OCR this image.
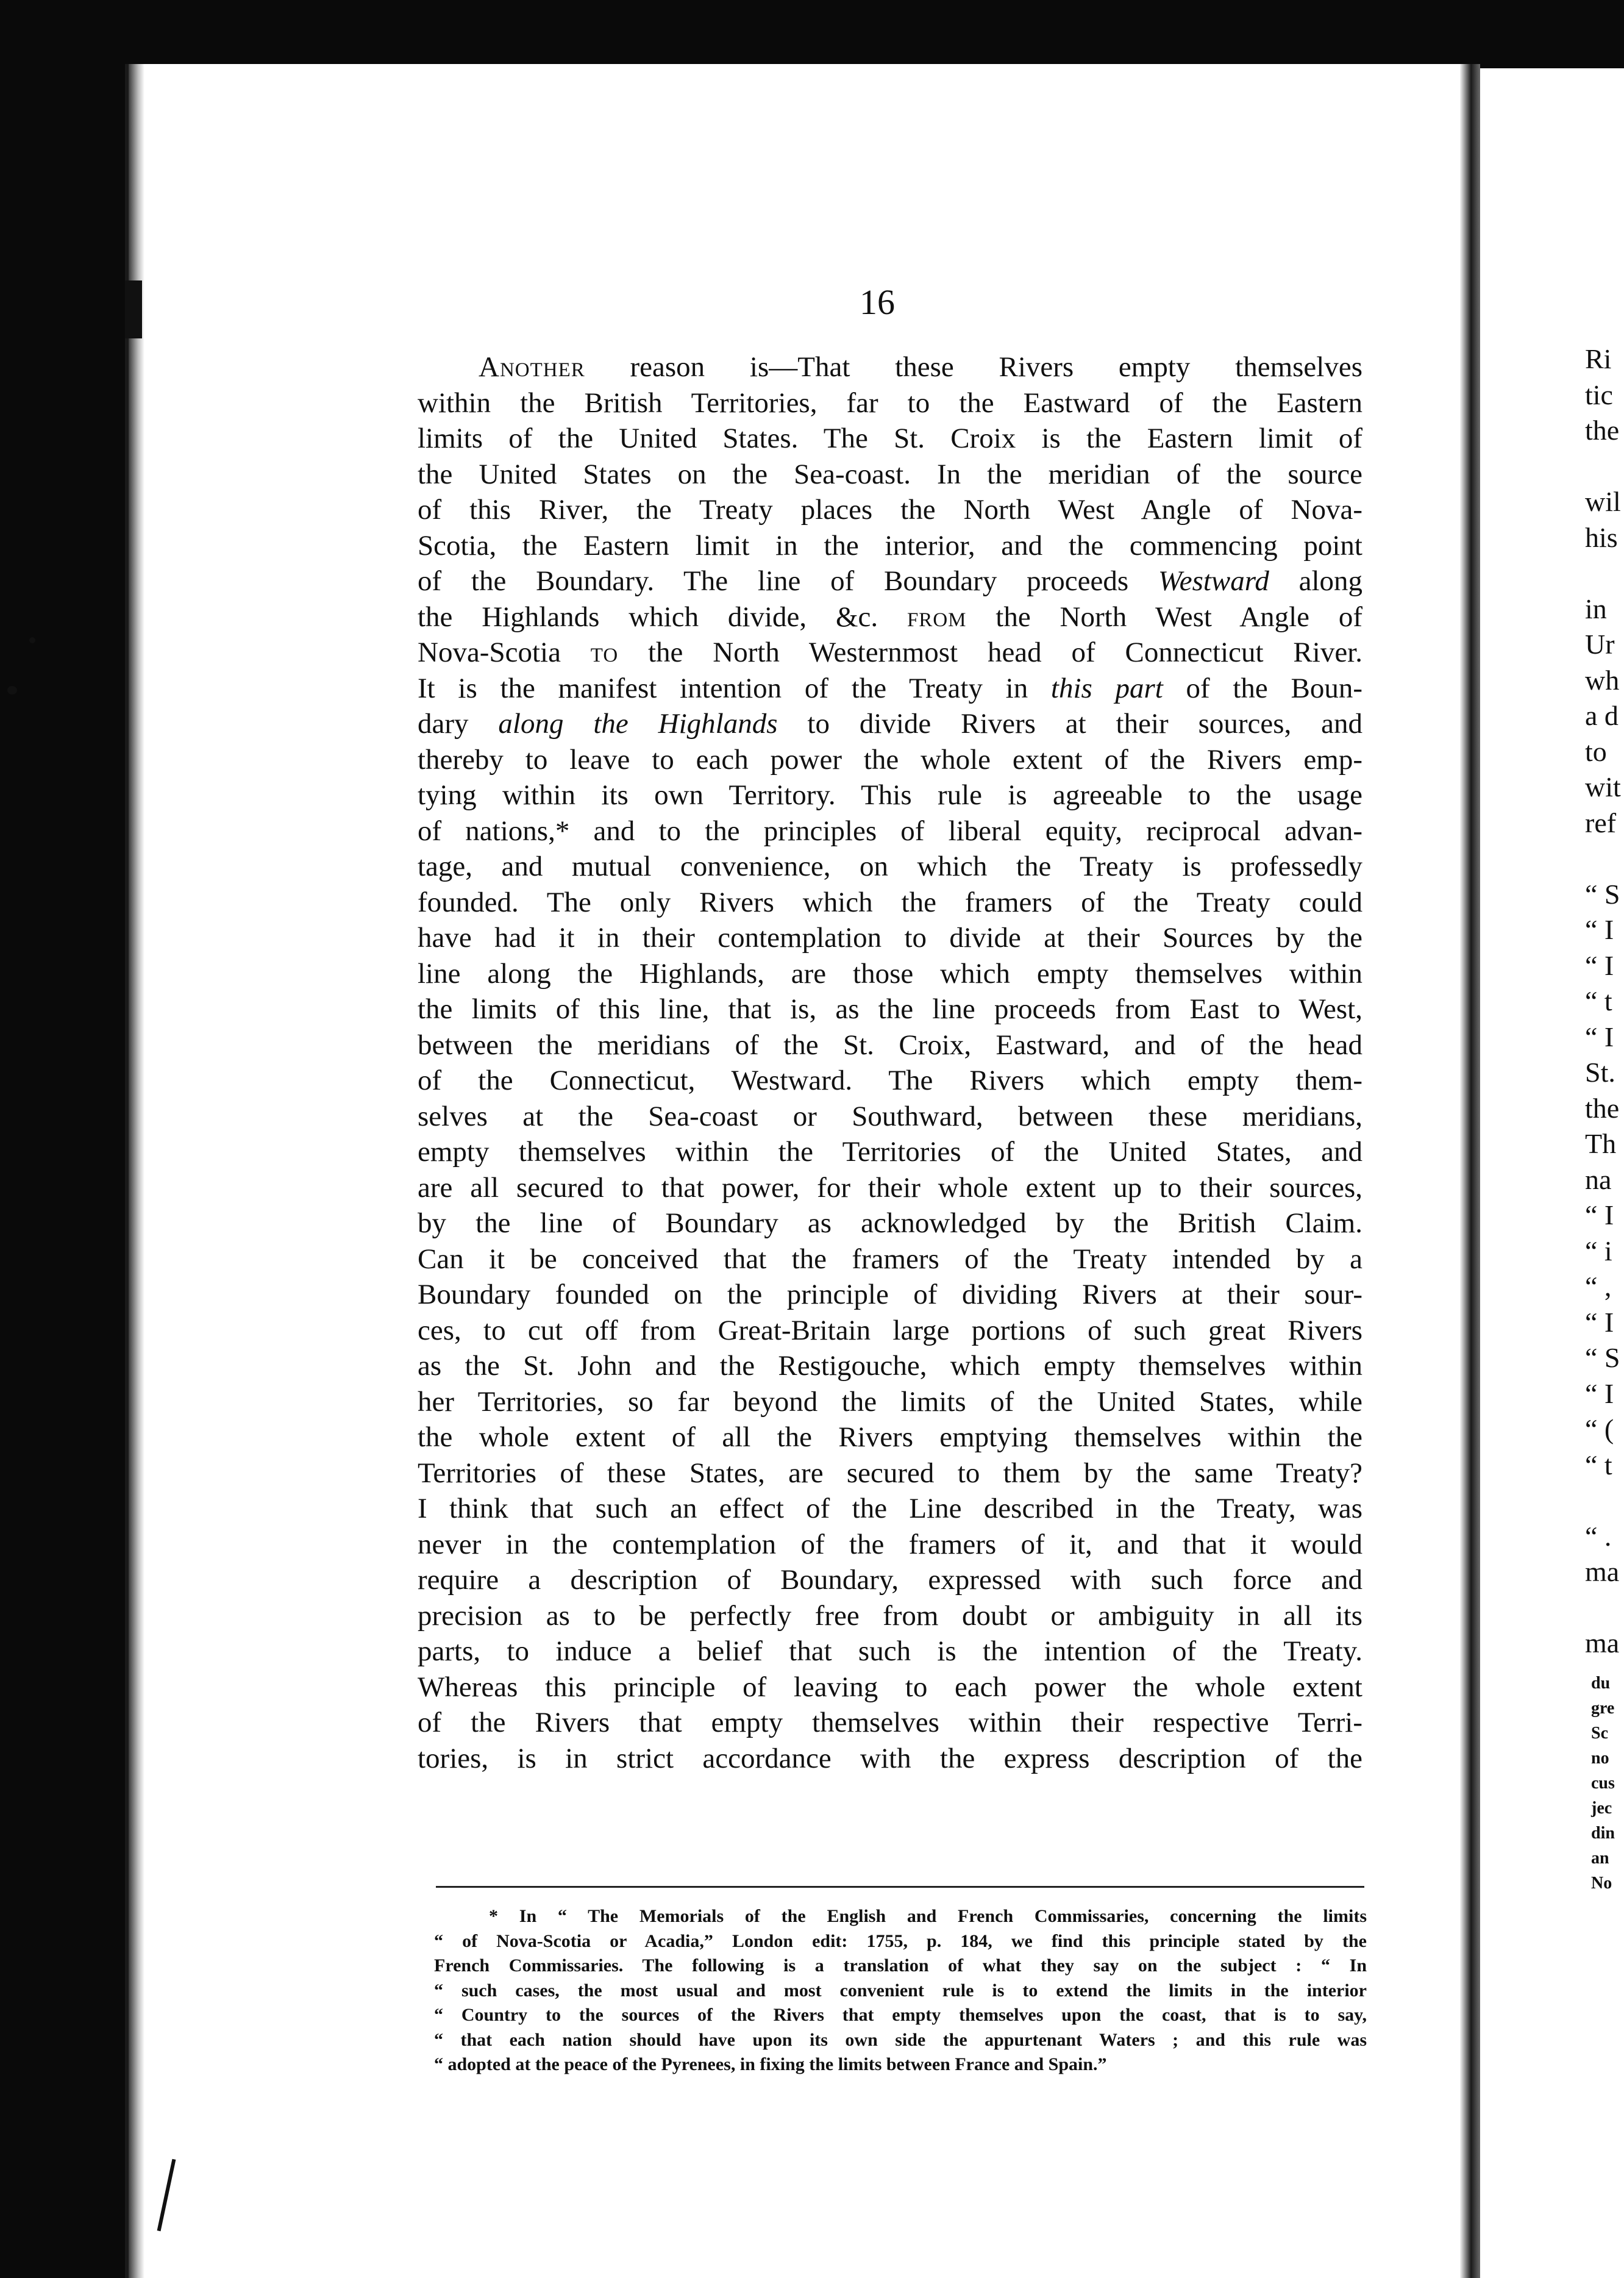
16
Another reason is—That these Rivers empty themselves
within the British Territories, far to the Eastward of the Eastern
limits of the United States. The St. Croix is the Eastern limit of
the United States on the Sea-coast. In the meridian of the source
of this River, the Treaty places the North West Angle of Nova-
Scotia, the Eastern limit in the interior, and the commencing point
of the Boundary. The line of Boundary proceeds Westward along
the Highlands which divide, &c. from the North West Angle of
Nova-Scotia to the North Westernmost head of Connecticut River.
It is the manifest intention of the Treaty in this part of the Boun-
dary along the Highlands to divide Rivers at their sources, and
thereby to leave to each power the whole extent of the Rivers emp-
tying within its own Territory. This rule is agreeable to the usage
of nations,* and to the principles of liberal equity, reciprocal advan-
tage, and mutual convenience, on which the Treaty is professedly
founded. The only Rivers which the framers of the Treaty could
have had it in their contemplation to divide at their Sources by the
line along the Highlands, are those which empty themselves within
the limits of this line, that is, as the line proceeds from East to West,
between the meridians of the St. Croix, Eastward, and of the head
of the Connecticut, Westward. The Rivers which empty them-
selves at the Sea-coast or Southward, between these meridians,
empty themselves within the Territories of the United States, and
are all secured to that power, for their whole extent up to their sources,
by the line of Boundary as acknowledged by the British Claim.
Can it be conceived that the framers of the Treaty intended by a
Boundary founded on the principle of dividing Rivers at their sour-
ces, to cut off from Great-Britain large portions of such great Rivers
as the St. John and the Restigouche, which empty themselves within
her Territories, so far beyond the limits of the United States, while
the whole extent of all the Rivers emptying themselves within the
Territories of these States, are secured to them by the same Treaty?
I think that such an effect of the Line described in the Treaty, was
never in the contemplation of the framers of it, and that it would
require a description of Boundary, expressed with such force and
precision as to be perfectly free from doubt or ambiguity in all its
parts, to induce a belief that such is the intention of the Treaty.
Whereas this principle of leaving to each power the whole extent
of the Rivers that empty themselves within their respective Terri-
tories, is in strict accordance with the express description of the
* In “ The Memorials of the English and French Commissaries, concerning the limits
“ of Nova-Scotia or Acadia,” London edit: 1755, p. 184, we find this principle stated by the
French Commissaries. The following is a translation of what they say on the subject : “ In
“ such cases, the most usual and most convenient rule is to extend the limits in the interior
“ Country to the sources of the Rivers that empty themselves upon the coast, that is to say,
“ that each nation should have upon its own side the appurtenant Waters ; and this rule was
“ adopted at the peace of the Pyrenees, in fixing the limits between France and Spain.”
Ri
tic
the

wil
his

in
Ur
wh
a d
to
wit
ref

“ S
“ I
“ I
“ t
“ I
St.
the
Th
na
“ I
“ i
“ ,
“ I
“ S
“ I
“ (
“ t

“ .
ma

ma
du
gre
Sc
no
cus
jec
din
an
No
